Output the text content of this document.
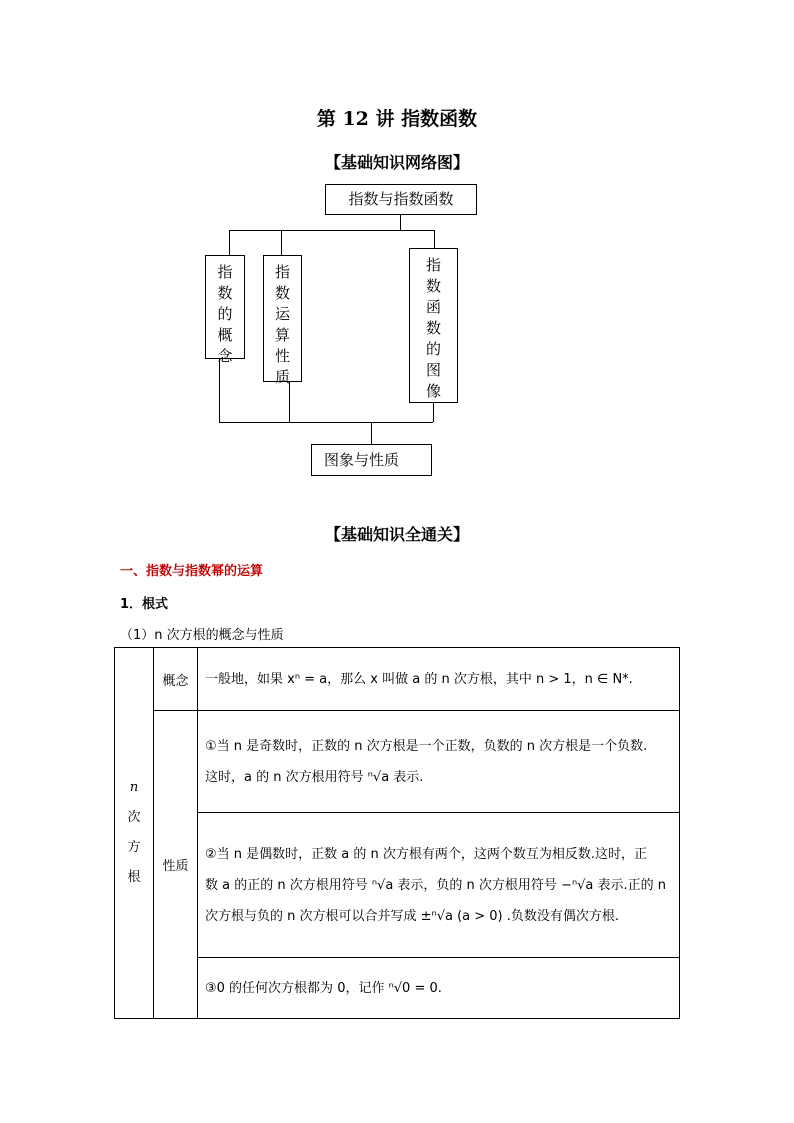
第 12 讲 指数函数
【基础知识网络图】
指数与指数函数
指
数
的
概
念
指
数
运
算
性
质
指
数
函
数
的
图
像
图象与性质
【基础知识全通关】
一、指数与指数幂的运算
1．根式
（1）n 次方根的概念与性质
n
次
方
根	概念	一般地，如果 xⁿ = a，那么 x 叫做 a 的 n 次方根，其中 n > 1，n ∈ N*.
	性质	①当 n 是奇数时，正数的 n 次方根是一个正数，负数的 n 次方根是一个负数.
这时，a 的 n 次方根用符号 ⁿ√a 表示.

		②当 n 是偶数时，正数 a 的 n 次方根有两个，这两个数互为相反数.这时，正
数 a 的正的 n 次方根用符号 ⁿ√a 表示，负的 n 次方根用符号 −ⁿ√a 表示.正的 n
次方根与负的 n 次方根可以合并写成 ±ⁿ√a (a > 0) .负数没有偶次方根.

		③0 的任何次方根都为 0，记作 ⁿ√0 = 0.
